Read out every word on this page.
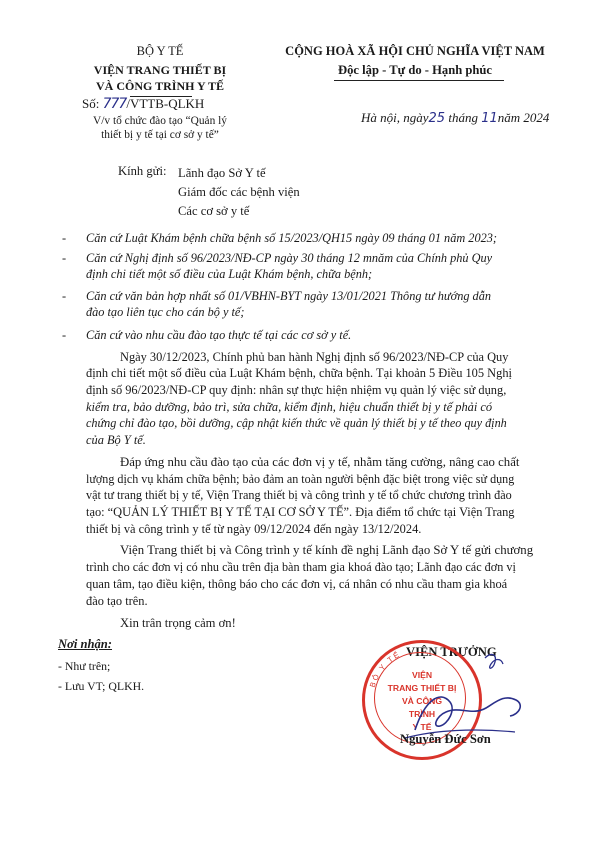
BỘ Y TẾ
VIỆN TRANG THIẾT BỊ
VÀ CÔNG TRÌNH Y TẾ
Số: 777/VTTB-QLKH
V/v tổ chức đào tạo “Quản lý
thiết bị y tế tại cơ sở y tế”
CỘNG HOÀ XÃ HỘI CHỦ NGHĨA VIỆT NAM
Độc lập - Tự do - Hạnh phúc
Hà nội, ngày25 tháng 11năm 2024
Kính gửi: Lãnh đạo Sở Y tế
Giám đốc các bệnh viện
Các cơ sở y tế
- Căn cứ Luật Khám bệnh chữa bệnh số 15/2023/QH15 ngày 09 tháng 01 năm 2023;
- Căn cứ Nghị định số 96/2023/NĐ-CP ngày 30 tháng 12 mnăm của Chính phủ Quy
định chi tiết một số điều của Luật Khám bệnh, chữa bệnh;
- Căn cứ văn bản hợp nhất số 01/VBHN-BYT ngày 13/01/2021 Thông tư hướng dẫn
đào tạo liên tục cho cán bộ y tế;
- Căn cứ vào nhu cầu đào tạo thực tế tại các cơ sở y tế.
Ngày 30/12/2023, Chính phủ ban hành Nghị định số 96/2023/NĐ-CP của Quy
định chi tiết một số điều của Luật Khám bệnh, chữa bệnh. Tại khoản 5 Điều 105 Nghị
định số 96/2023/NĐ-CP quy định: nhân sự thực hiện nhiệm vụ quản lý việc sử dụng,
kiểm tra, bảo dưỡng, bảo trì, sửa chữa, kiểm định, hiệu chuẩn thiết bị y tế phải có
chứng chỉ đào tạo, bồi dưỡng, cập nhật kiến thức về quản lý thiết bị y tế theo quy định
của Bộ Y tế.
Đáp ứng nhu cầu đào tạo của các đơn vị y tế, nhằm tăng cường, nâng cao chất
lượng dịch vụ khám chữa bệnh; bảo đảm an toàn người bệnh đặc biệt trong việc sử dụng
vật tư trang thiết bị y tế, Viện Trang thiết bị và công trình y tế tổ chức chương trình đào
tạo: “QUẢN LÝ THIẾT BỊ Y TẾ TẠI CƠ SỞ Y TẾ”. Địa điểm tổ chức tại Viện Trang
thiết bị và công trình y tế từ ngày 09/12/2024 đến ngày 13/12/2024.
Viện Trang thiết bị và Công trình y tế kính đề nghị Lãnh đạo Sở Y tế gửi chương
trình cho các đơn vị có nhu cầu trên địa bàn tham gia khoá đào tạo; Lãnh đạo các đơn vị
quan tâm, tạo điều kiện, thông báo cho các đơn vị, cá nhân có nhu cầu tham gia khoá
đào tạo trên.
Xin trân trọng cảm ơn!
Nơi nhận:
- Như trên;
- Lưu VT; QLKH.
VIỆN TRƯỞNG
BỘ Y TẾ
VIỆN
TRANG THIẾT BỊ
VÀ CÔNG
TRÌNH
Y TẾ
Nguyễn Đức Sơn
